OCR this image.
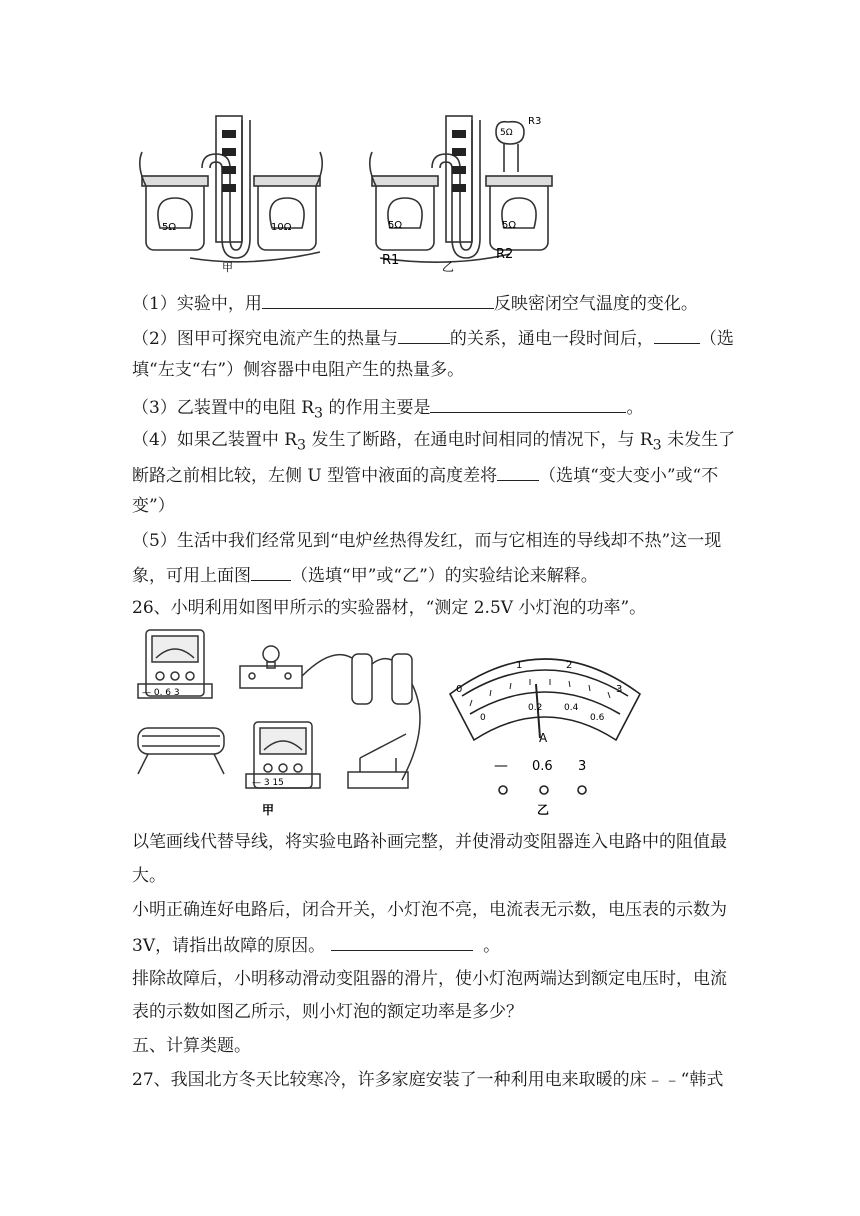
5Ω	10Ω
甲
5Ω	5Ω
5Ω
R3
R1	R2
乙
（1）实验中，用	反映密闭空气温度的变化。
（2）图甲可探究电流产生的热量与	的关系，通电一段时间后，	（选
填“左支“右”）侧容器中电阻产生的热量多。
（3）乙装置中的电阻 $R_3$ 的作用主要是	。
（4）如果乙装置中 $R_3$ 发生了断路，在通电时间相同的情况下，与 $R_3$ 未发生了
断路之前相比较，左侧 U 型管中液面的高度差将 （选填“变大变小”或“不
变”）
（5）生活中我们经常见到“电炉丝热得发红，而与它相连的导线却不热”这一现
象，可用上面图 （选填“甲”或“乙”）的实验结论来解释。
26、小明利用如图甲所示的实验器材，“测定 2.5V 小灯泡的功率”。
— 0. 6 3
— 3 15
甲
0
1	2
3
0
0.2 0.4
0.6
A
— 0.6 3
乙
以笔画线代替导线，将实验电路补画完整，并使滑动变阻器连入电路中的阻值最
大。
小明正确连好电路后，闭合开关，小灯泡不亮，电流表无示数，电压表的示数为
3V，请指出故障的原因。	。
排除故障后，小明移动滑动变阻器的滑片，使小灯泡两端达到额定电压时，电流
表的示数如图乙所示，则小灯泡的额定功率是多少？
五、计算类题。
27、我国北方冬天比较寒冷，许多家庭安装了一种利用电来取暖的床﹣﹣“韩式
